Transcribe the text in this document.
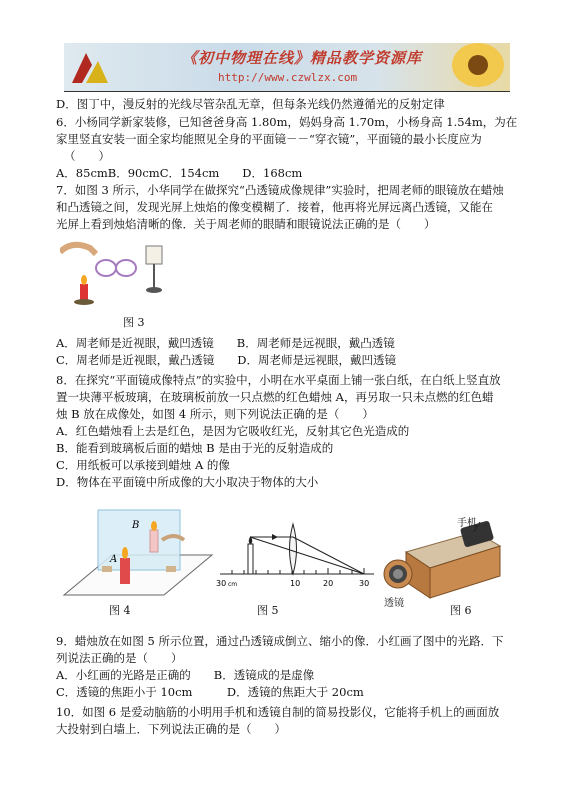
《初中物理在线》精品教学资源库
http://www.czwlzx.com
D．图丁中，漫反射的光线尽管杂乱无章，但每条光线仍然遵循光的反射定律
6．小杨同学新家装修，已知爸爸身高 1.80m，妈妈身高 1.70m，小杨身高 1.54m，为在
家里竖直安装一面全家均能照见全身的平面镜－－“穿衣镜”，平面镜的最小长度应为
（　　）
A．85cmB．90cmC．154cm　　D．168cm
7．如图 3 所示，小华同学在做探究“凸透镜成像规律”实验时，把周老师的眼镜放在蜡烛
和凸透镜之间，发现光屏上烛焰的像变模糊了．接着，他再将光屏远离凸透镜，又能在
光屏上看到烛焰清晰的像．关于周老师的眼睛和眼镜说法正确的是（　　）
图 3
A．周老师是近视眼，戴凹透镜　　B．周老师是远视眼，戴凸透镜
C．周老师是近视眼，戴凸透镜　　D．周老师是远视眼，戴凹透镜
8．在探究“平面镜成像特点”的实验中，小明在水平桌面上铺一张白纸，在白纸上竖直放
置一块薄平板玻璃，在玻璃板前放一只点燃的红色蜡烛 A，再另取一只未点燃的红色蜡
烛 B 放在成像处，如图 4 所示，则下列说法正确的是（　　）
A．红色蜡烛看上去是红色，是因为它吸收红光，反射其它色光造成的
B．能看到玻璃板后面的蜡烛 B 是由于光的反射造成的
C．用纸板可以承接到蜡烛 A 的像
D．物体在平面镜中所成像的大小取决于物体的大小
A
B
图 4
30 cm	10	20	30
图 5
手机
透镜
图 6
9．蜡烛放在如图 5 所示位置，通过凸透镜成倒立、缩小的像．小红画了图中的光路．下
列说法正确的是（　　）
A．小红画的光路是正确的　　B．透镜成的是虚像
C．透镜的焦距小于 10cm　　　D．透镜的焦距大于 20cm
10．如图 6 是爱动脑筋的小明用手机和透镜自制的简易投影仪，它能将手机上的画面放
大投射到白墙上．下列说法正确的是（　　）
